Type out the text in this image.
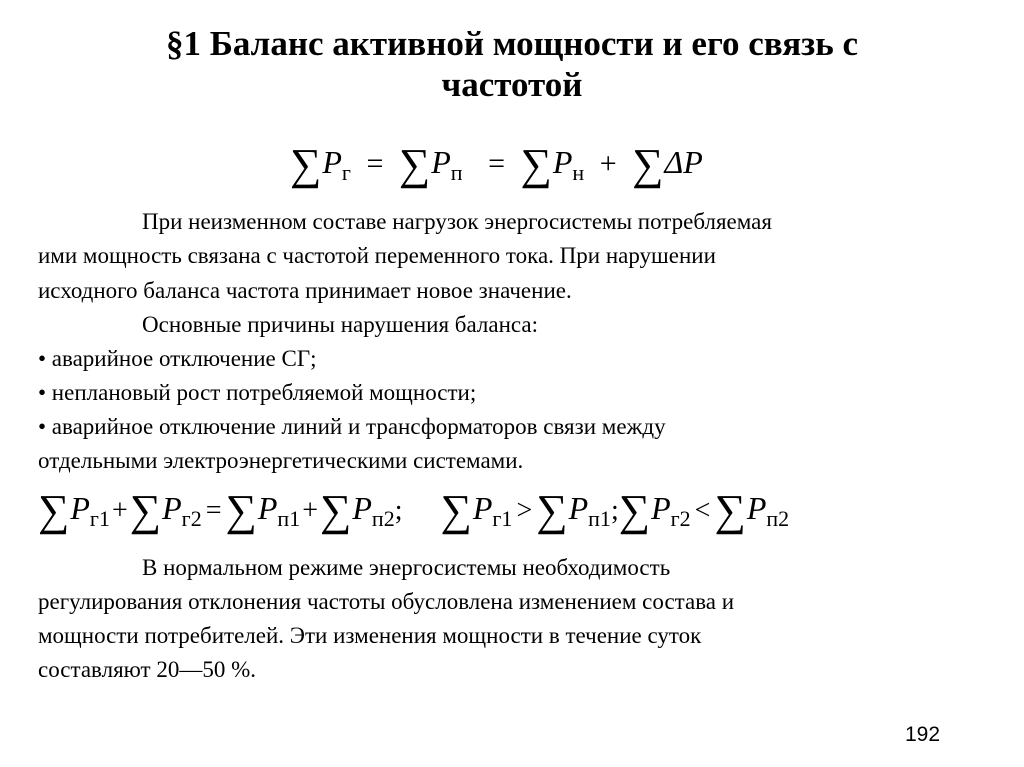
§1 Баланс активной мощности и его связь с
частотой
$\sum P_г = \sum P_п = \sum P_н + \sum\Delta P$
При неизменном составе нагрузок энергосистемы потребляемая
ими мощность связана с частотой переменного тока. При нарушении
исходного баланса частота принимает новое значение.
Основные причины нарушения баланса:
• аварийное отключение СГ;
• неплановый рост потребляемой мощности;
• аварийное отключение линий и трансформаторов связи между
отдельными электроэнергетическими системами.
$\sum P_{г1}+\sum P_{г2} =\sum P_{п1}+\sum P_{п2}$; $\sum P_{г1}$ $>\sum P_{п1};\sum P_{г2} <\sum P_{п2}$
В нормальном режиме энергосистемы необходимость
регулирования отклонения частоты обусловлена изменением состава и
мощности потребителей. Эти изменения мощности в течение суток
составляют 20—50 %.
192
